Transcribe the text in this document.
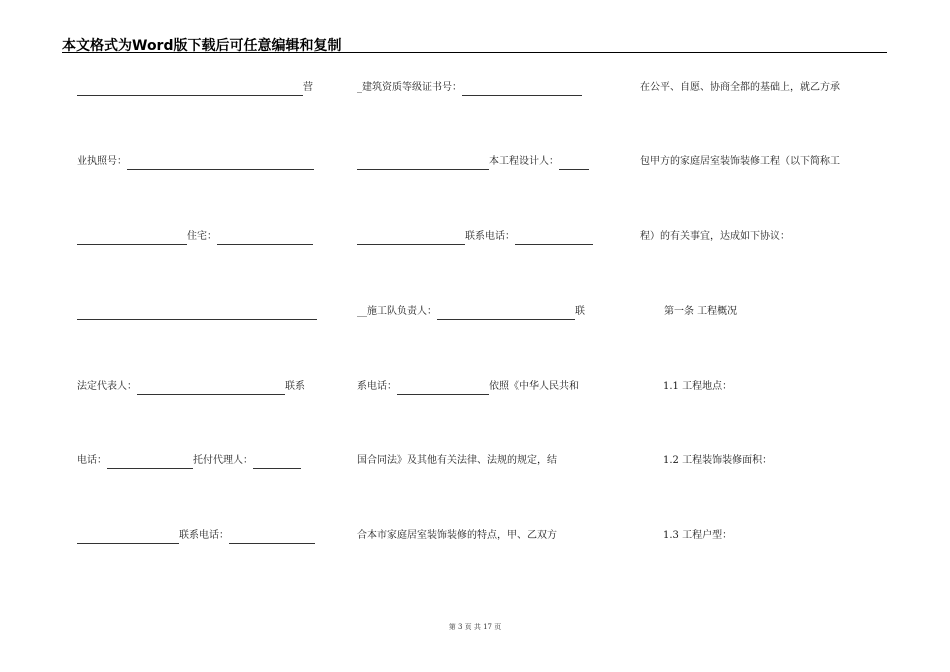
本文格式为Word版下载后可任意编辑和复制
营
业执照号：
住宅：
法定代表人：	联系
电话：	托付代理人：
联系电话：
_建筑资质等级证书号：
本工程设计人：
联系电话：
__施工队负责人：	联
系电话：	依照《中华人民共和
国合同法》及其他有关法律、法规的规定，结
合本市家庭居室装饰装修的特点，甲、乙双方
在公平、自愿、协商全都的基础上，就乙方承
包甲方的家庭居室装饰装修工程（以下简称工
程）的有关事宜，达成如下协议：
第一条 工程概况
1.1 工程地点：
1.2 工程装饰装修面积：
1.3 工程户型：
第 3 页 共 17 页
